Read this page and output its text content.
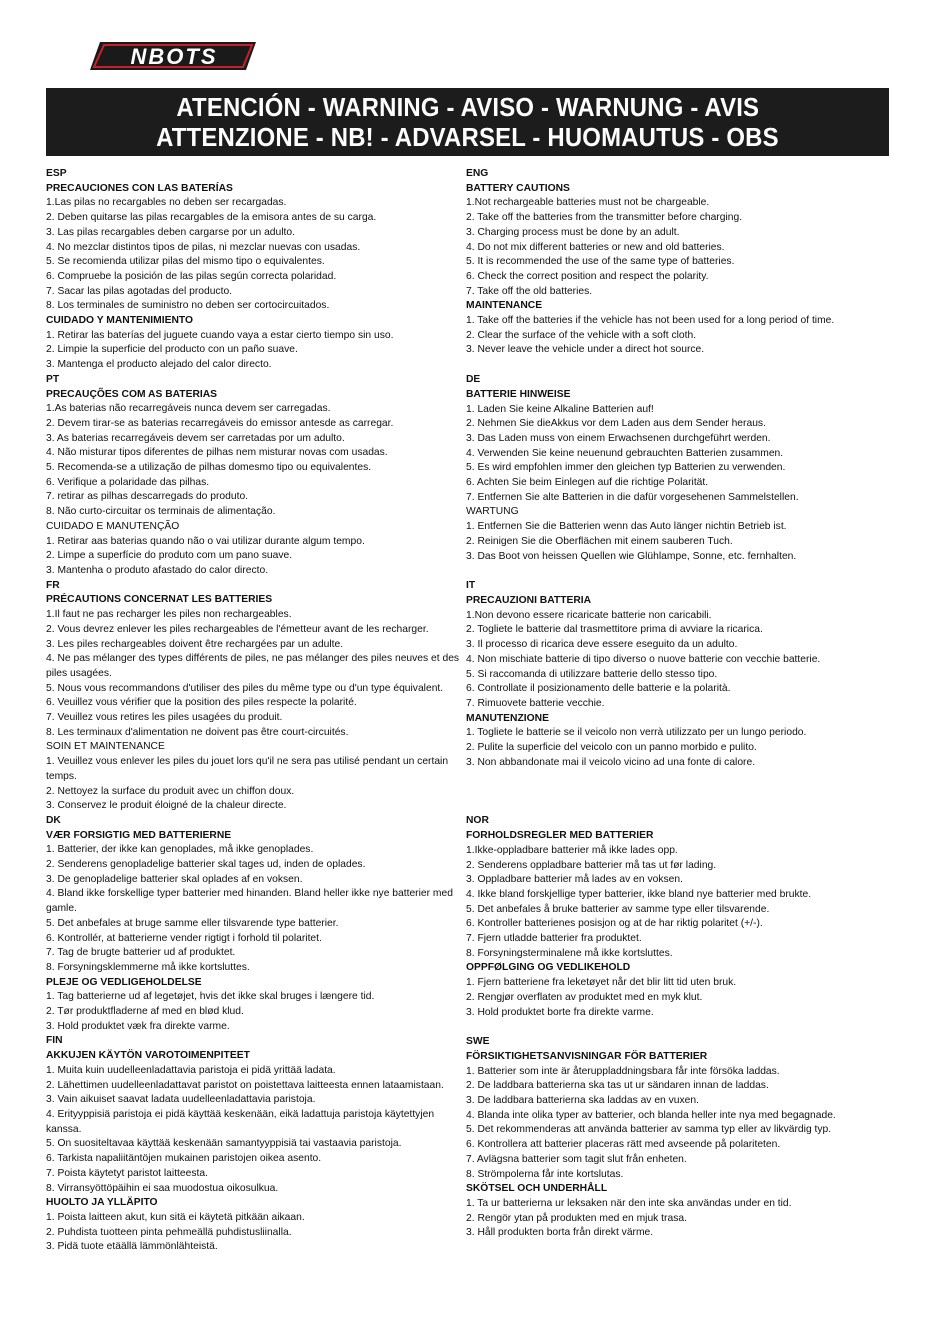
NBOTS
ATENCIÓN - WARNING - AVISO - WARNUNG - AVIS
ATTENZIONE - NB! - ADVARSEL - HUOMAUTUS - OBS
ESP
PRECAUCIONES CON LAS BATERÍAS
1.Las pilas no recargables no deben ser recargadas.
2. Deben quitarse las pilas recargables de la emisora antes de su carga.
3. Las pilas recargables deben cargarse por un adulto.
4. No mezclar distintos tipos de pilas, ni mezclar nuevas con usadas.
5. Se recomienda utilizar pilas del mismo tipo o equivalentes.
6. Compruebe la posición de las pilas según correcta polaridad.
7. Sacar las pilas agotadas del producto.
8. Los terminales de suministro no deben ser cortocircuitados.
CUIDADO Y MANTENIMIENTO
1. Retirar las baterías del juguete cuando vaya a estar cierto tiempo sin uso.
2. Limpie la superficie del producto con un paño suave.
3. Mantenga el producto alejado del calor directo.
PT
PRECAUÇÕES COM AS BATERIAS
1.As baterias não recarregáveis nunca devem ser carregadas.
2. Devem tirar-se as baterias recarregáveis do emissor antesde as carregar.
3. As baterias recarregáveis devem ser carretadas por um adulto.
4. Não misturar tipos diferentes de pilhas nem misturar novas com usadas.
5. Recomenda-se a utilização de pilhas domesmo tipo ou equivalentes.
6. Verifique a polaridade das pilhas.
7. retirar as pilhas descarregads do produto.
8. Não curto-circuitar os terminais de alimentação.
CUIDADO E MANUTENÇÃO
1. Retirar aas baterias quando não o vai utilizar durante algum tempo.
2. Limpe a superfície do produto com um pano suave.
3. Mantenha o produto afastado do calor directo.
FR
PRÉCAUTIONS CONCERNAT LES BATTERIES
1.Il faut ne pas recharger les piles non rechargeables.
2. Vous devrez enlever les piles rechargeables de l'émetteur avant de les recharger.
3. Les piles rechargeables doivent être rechargées par un adulte.
4. Ne pas mélanger des types différents de piles, ne pas mélanger des piles neuves et des piles usagées.
5. Nous vous recommandons d'utiliser des piles du même type ou d'un type équivalent.
6. Veuillez vous vérifier que la position des piles respecte la polarité.
7. Veuillez vous retires les piles usagées du produit.
8. Les terminaux d'alimentation ne doivent pas être court-circuités.
SOIN ET MAINTENANCE
1. Veuillez vous enlever les piles du jouet lors qu'il ne sera pas utilisé pendant un certain temps.
2. Nettoyez la surface du produit avec un chiffon doux.
3. Conservez le produit éloigné de la chaleur directe.
DK
VÆR FORSIGTIG MED BATTERIERNE
1. Batterier, der ikke kan genoplades, må ikke genoplades.
2. Senderens genopladelige batterier skal tages ud, inden de oplades.
3. De genopladelige batterier skal oplades af en voksen.
4. Bland ikke forskellige typer batterier med hinanden. Bland heller ikke nye batterier med gamle.
5. Det anbefales at bruge samme eller tilsvarende type batterier.
6. Kontrollér, at batterierne vender rigtigt i forhold til polaritet.
7. Tag de brugte batterier ud af produktet.
8. Forsyningsklemmerne må ikke kortsluttes.
PLEJE OG VEDLIGEHOLDELSE
1. Tag batterierne ud af legetøjet, hvis det ikke skal bruges i længere tid.
2. Tør produktfladerne af med en blød klud.
3. Hold produktet væk fra direkte varme.
FIN
AKKUJEN KÄYTÖN VAROTOIMENPITEET
1. Muita kuin uudelleenladattavia paristoja ei pidä yrittää ladata.
2. Lähettimen uudelleenladattavat paristot on poistettava laitteesta ennen lataamistaan.
3. Vain aikuiset saavat ladata uudelleenladattavia paristoja.
4. Erityyppisiä paristoja ei pidä käyttää keskenään, eikä ladattuja paristoja käytettyjen kanssa.
5. On suositeltavaa käyttää keskenään samantyyppisiä tai vastaavia paristoja.
6. Tarkista napaliitäntöjen mukainen paristojen oikea asento.
7. Poista käytetyt paristot laitteesta.
8. Virransyöttöpäihin ei saa muodostua oikosulkua.
HUOLTO JA YLLÄPITO
1. Poista laitteen akut, kun sitä ei käytetä pitkään aikaan.
2. Puhdista tuotteen pinta pehmeällä puhdistusliinalla.
3. Pidä tuote etäällä lämmönlähteistä.
ENG
BATTERY CAUTIONS
1.Not rechargeable batteries must not be chargeable.
2. Take off the batteries from the transmitter before charging.
3. Charging process must be done by an adult.
4. Do not mix different batteries or new and old batteries.
5. It is recommended the use of the same type of batteries.
6. Check the correct position and respect the polarity.
7. Take off the old batteries.
MAINTENANCE
1. Take off the batteries if the vehicle has not been used for a long period of time.
2. Clear the surface of the vehicle with a soft cloth.
3. Never leave the vehicle under a direct hot source.
DE
BATTERIE HINWEISE
1. Laden Sie keine Alkaline Batterien auf!
2. Nehmen Sie dieAkkus vor dem Laden aus dem Sender heraus.
3. Das Laden muss von einem Erwachsenen durchgeführt werden.
4. Verwenden Sie keine neuenund gebrauchten Batterien zusammen.
5. Es wird empfohlen immer den gleichen typ Batterien zu verwenden.
6. Achten Sie beim Einlegen auf die richtige Polarität.
7. Entfernen Sie alte Batterien in die dafür vorgesehenen Sammelstellen.
WARTUNG
1. Entfernen Sie die Batterien wenn das Auto länger nichtin Betrieb ist.
2. Reinigen Sie die Oberflächen mit einem sauberen Tuch.
3. Das Boot von heissen Quellen wie Glühlampe, Sonne, etc. fernhalten.
IT
PRECAUZIONI BATTERIA
1.Non devono essere ricaricate batterie non caricabili.
2. Togliete le batterie dal trasmettitore prima di avviare la ricarica.
3. Il processo di ricarica deve essere eseguito da un adulto.
4. Non mischiate batterie di tipo diverso o nuove batterie con vecchie batterie.
5. Si raccomanda di utilizzare batterie dello stesso tipo.
6. Controllate il posizionamento delle batterie e la polarità.
7. Rimuovete batterie vecchie.
MANUTENZIONE
1. Togliete le batterie se il veicolo non verrà utilizzato per un lungo periodo.
2. Pulite la superficie del veicolo con un panno morbido e pulito.
3. Non abbandonate mai il veicolo vicino ad una fonte di calore.
NOR
FORHOLDSREGLER MED BATTERIER
1.Ikke-oppladbare batterier må ikke lades opp.
2. Senderens oppladbare batterier må tas ut før lading.
3. Oppladbare batterier må lades av en voksen.
4. Ikke bland forskjellige typer batterier, ikke bland nye batterier med brukte.
5. Det anbefales å bruke batterier av samme type eller tilsvarende.
6. Kontroller batterienes posisjon og at de har riktig polaritet (+/-).
7. Fjern utladde batterier fra produktet.
8. Forsyningsterminalene må ikke kortsluttes.
OPPFØLGING OG VEDLIKEHOLD
1. Fjern batteriene fra leketøyet når det blir litt tid uten bruk.
2. Rengjør overflaten av produktet med en myk klut.
3. Hold produktet borte fra direkte varme.
SWE
FÖRSIKTIGHETSANVISNINGAR FÖR BATTERIER
1. Batterier som inte är återuppladdningsbara får inte försöka laddas.
2. De laddbara batterierna ska tas ut ur sändaren innan de laddas.
3. De laddbara batterierna ska laddas av en vuxen.
4. Blanda inte olika typer av batterier, och blanda heller inte nya med begagnade.
5. Det rekommenderas att använda batterier av samma typ eller av likvärdig typ.
6. Kontrollera att batterier placeras rätt med avseende på polariteten.
7. Avlägsna batterier som tagit slut från enheten.
8. Strömpolerna får inte kortslutas.
SKÖTSEL OCH UNDERHÅLL
1. Ta ur batterierna ur leksaken när den inte ska användas under en tid.
2. Rengör ytan på produkten med en mjuk trasa.
3. Håll produkten borta från direkt värme.
